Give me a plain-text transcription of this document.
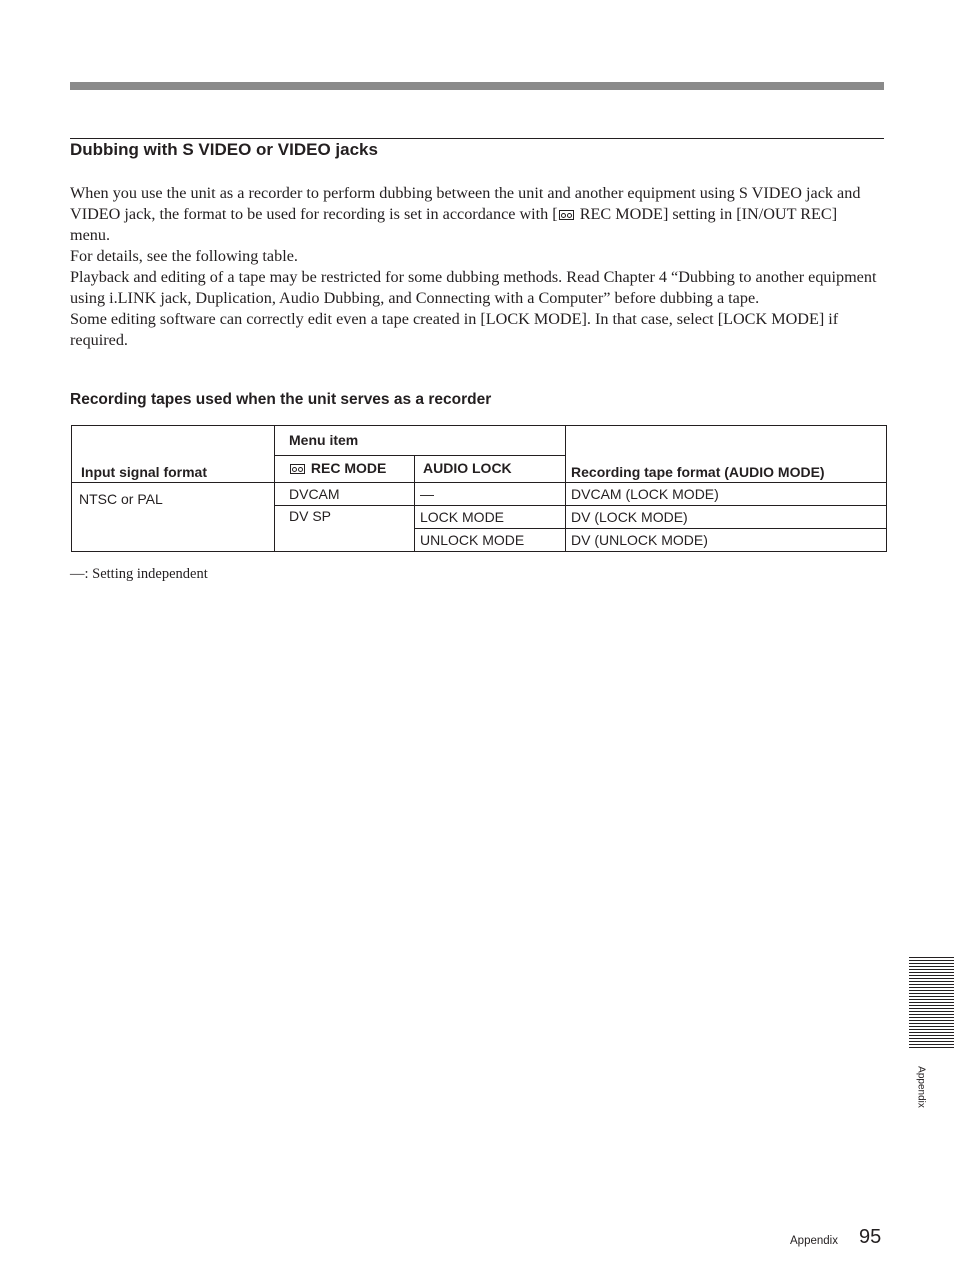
Dubbing with S VIDEO or VIDEO jacks

When you use the unit as a recorder to perform dubbing between the unit and another equipment using S VIDEO jack and VIDEO jack, the format to be used for recording is set in accordance with [ REC MODE] setting in [IN/OUT REC] menu.

For details, see the following table.

Playback and editing of a tape may be restricted for some dubbing methods. Read Chapter 4 “Dubbing to another equipment using i.LINK jack, Duplication, Audio Dubbing, and Connecting with a Computer” before dubbing a tape.

Some editing software can correctly edit even a tape created in [LOCK MODE]. In that case, select [LOCK MODE] if required.

Recording tapes used when the unit serves as a recorder
Input signal format	Menu item		Recording tape format (AUDIO MODE)
	REC MODE	AUDIO LOCK	
NTSC or PAL	DVCAM	—	DVCAM (LOCK MODE)
	DV SP	LOCK MODE	DV (LOCK MODE)
		UNLOCK MODE	DV (UNLOCK MODE)
—: Setting independent
Appendix
Appendix 95
